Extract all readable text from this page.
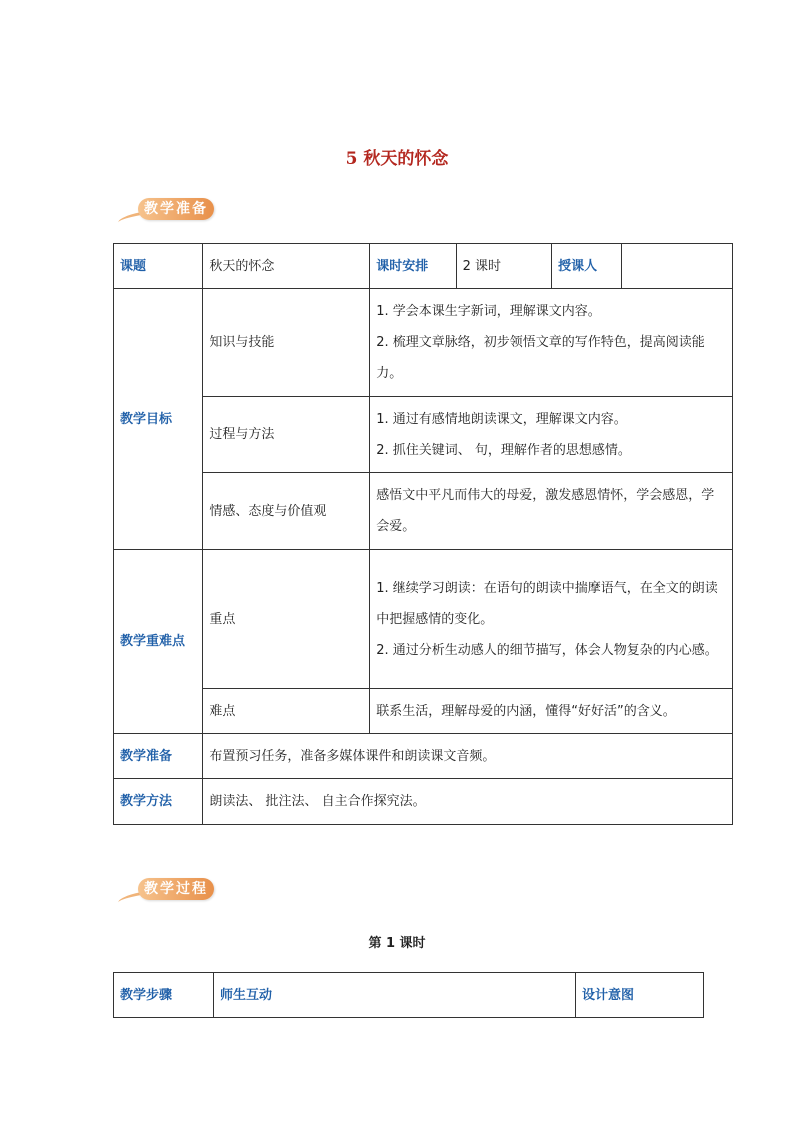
5 秋天的怀念
教学准备
课题	秋天的怀念	课时安排	2 课时	授课人	
教学目标	知识与技能	1. 学会本课生字新词，理解课文内容。
2. 梳理文章脉络，初步领悟文章的写作特色，提高阅读能力。			

	过程与方法	1. 通过有感情地朗读课文，理解课文内容。
2. 抓住关键词、 句，理解作者的思想感情。			

	情感、态度与价值观	感悟文中平凡而伟大的母爱，激发感恩情怀，学会感恩，学会爱。			
教学重难点	重点	1. 继续学习朗读：在语句的朗读中揣摩语气，在全文的朗读中把握感情的变化。
2. 通过分析生动感人的细节描写，体会人物复杂的内心感。			

	难点	联系生活，理解母爱的内涵，懂得“好好活”的含义。			
教学准备	布置预习任务，准备多媒体课件和朗读课文音频。				
教学方法	朗读法、 批注法、 自主合作探究法。				
教学过程
第 1 课时
教学步骤	师生互动	设计意图
